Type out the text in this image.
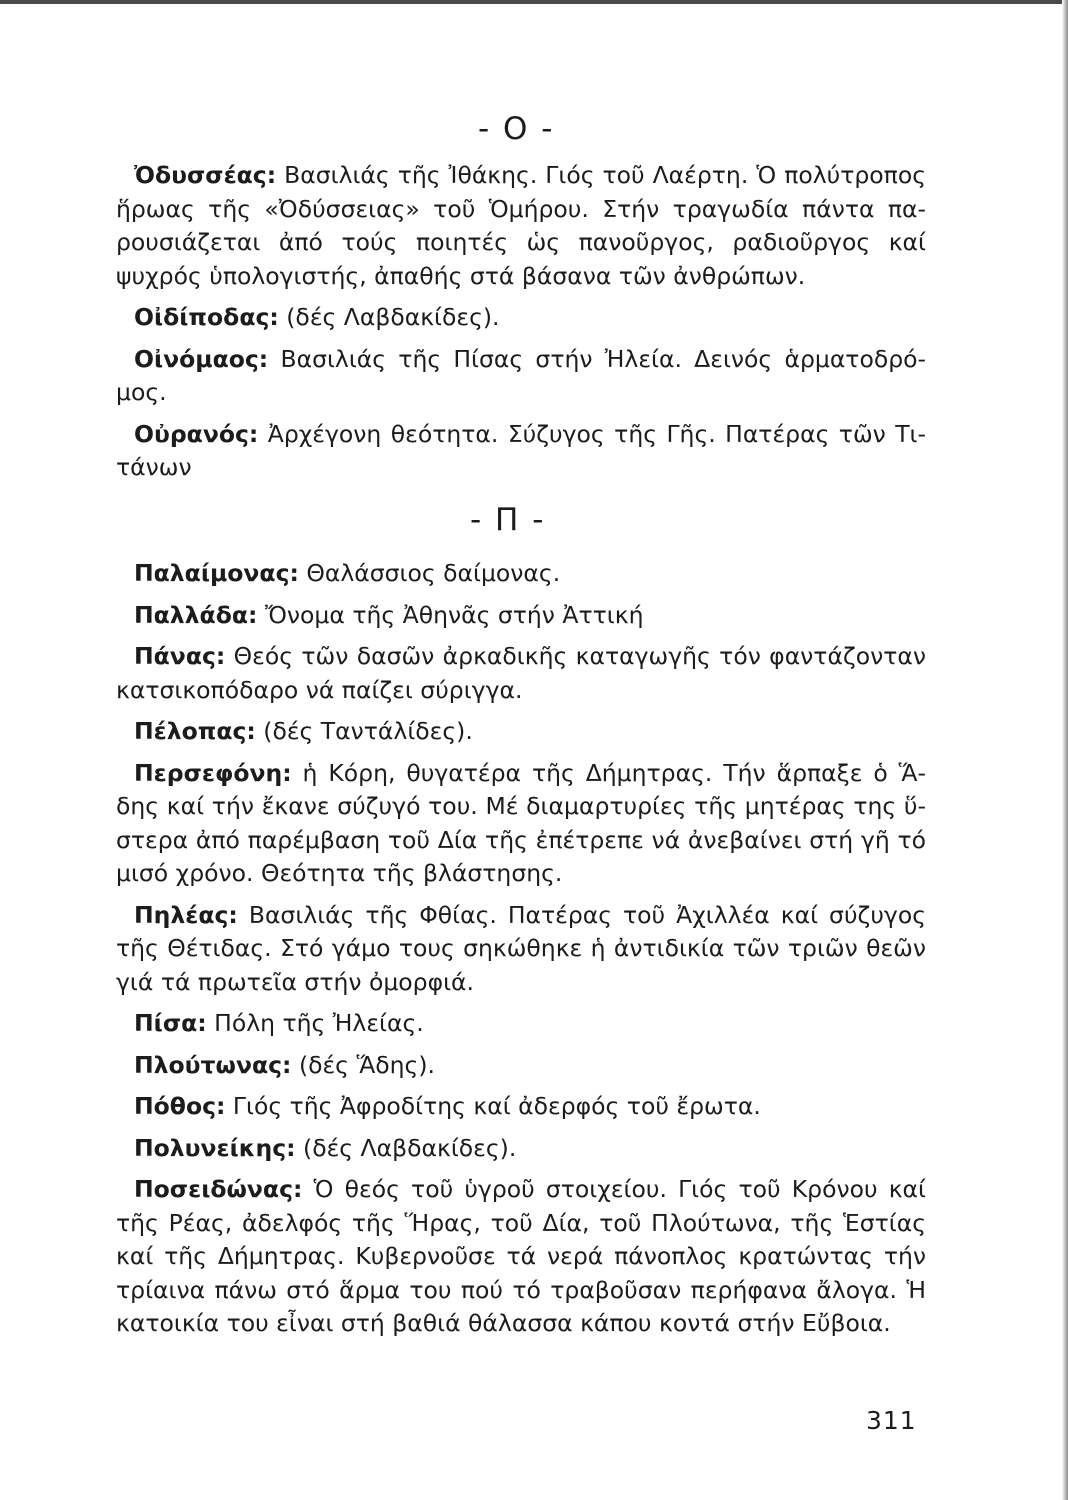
- O -

Ὀδυσσέας: Βασιλιάς τῆς Ἰθάκης. Γιός τοῦ Λαέρτη. Ὁ πολύτροπος ἥρωας τῆς «Ὀδύσσειας» τοῦ Ὁμήρου. Στήν τραγωδία πάντα παρουσιάζεται ἀπό τούς ποιητές ὡς πανοῦργος, ραδιοῦργος καί ψυχρός ὑπολογιστής, ἀπαθής στά βάσανα τῶν ἀνθρώπων.

Οἰδίποδας: (δές Λαβδακίδες).

Οἰνόμαος: Βασιλιάς τῆς Πίσας στήν Ἠλεία. Δεινός ἁρματοδρόμος.

Οὐρανός: Ἀρχέγονη θεότητα. Σύζυγος τῆς Γῆς. Πατέρας τῶν Τιτάνων

- Π -

Παλαίμονας: Θαλάσσιος δαίμονας.

Παλλάδα: Ὄνομα τῆς Ἀθηνᾶς στήν Ἀττική

Πάνας: Θεός τῶν δασῶν ἀρκαδικῆς καταγωγῆς τόν φαντάζονταν κατσικοπόδαρο νά παίζει σύριγγα.

Πέλοπας: (δές Ταντάλίδες).

Περσεφόνη: ἡ Κόρη, θυγατέρα τῆς Δήμητρας. Τήν ἅρπαξε ὁ Ἅδης καί τήν ἔκανε σύζυγό του. Μέ διαμαρτυρίες τῆς μητέρας της ὕστερα ἀπό παρέμβαση τοῦ Δία τῆς ἐπέτρεπε νά ἀνεβαίνει στή γῆ τό μισό χρόνο. Θεότητα τῆς βλάστησης.

Πηλέας: Βασιλιάς τῆς Φθίας. Πατέρας τοῦ Ἀχιλλέα καί σύζυγος τῆς Θέτιδας. Στό γάμο τους σηκώθηκε ἡ ἀντιδικία τῶν τριῶν θεῶν γιά τά πρωτεῖα στήν ὀμορφιά.

Πίσα: Πόλη τῆς Ἠλείας.

Πλούτωνας: (δές Ἅδης).

Πόθος: Γιός τῆς Ἀφροδίτης καί ἀδερφός τοῦ ἔρωτα.

Πολυνείκης: (δές Λαβδακίδες).

Ποσειδώνας: Ὁ θεός τοῦ ὑγροῦ στοιχείου. Γιός τοῦ Κρόνου καί τῆς Ρέας, ἀδελφός τῆς Ἥρας, τοῦ Δία, τοῦ Πλούτωνα, τῆς Ἑστίας καί τῆς Δήμητρας. Κυβερνοῦσε τά νερά πάνοπλος κρατώντας τήν τρίαινα πάνω στό ἅρμα του πού τό τραβοῦσαν περήφανα ἄλογα. Ἡ κατοικία του εἶναι στή βαθιά θάλασσα κάπου κοντά στήν Εὔβοια.

311
